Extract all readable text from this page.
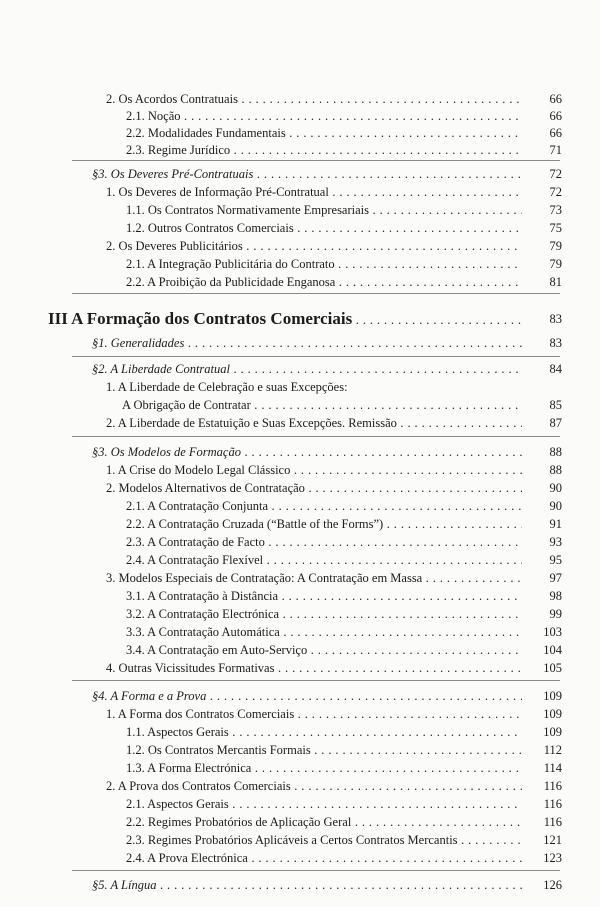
2. Os Acordos Contratuais . . .	66
2.1. Noção . . .	66
2.2. Modalidades Fundamentais . . .	66
2.3. Regime Jurídico . . .	71
§3. Os Deveres Pré-Contratuais . . .	72
1. Os Deveres de Informação Pré-Contratual . . .	72
1.1. Os Contratos Normativamente Empresariais . . .	73
1.2. Outros Contratos Comerciais . . .	75
2. Os Deveres Publicitários . . .	79
2.1. A Integração Publicitária do Contrato . . .	79
2.2. A Proibição da Publicidade Enganosa . . .	81
III A Formação dos Contratos Comerciais . . .	83
§1. Generalidades . . .	83
§2. A Liberdade Contratual . . .	84
1. A Liberdade de Celebração e suas Excepções:
A Obrigação de Contratar . . .	85
2. A Liberdade de Estatuição e Suas Excepções. Remissão . . .	87
§3. Os Modelos de Formação . . .	88
1. A Crise do Modelo Legal Clássico . . .	88
2. Modelos Alternativos de Contratação . . .	90
2.1. A Contratação Conjunta . . .	90
2.2. A Contratação Cruzada (“Battle of the Forms”) . . .	91
2.3. A Contratação de Facto . . .	93
2.4. A Contratação Flexível . . .	95
3. Modelos Especiais de Contratação: A Contratação em Massa . . .	97
3.1. A Contratação à Distância . . .	98
3.2. A Contratação Electrónica . . .	99
3.3. A Contratação Automática . . .	103
3.4. A Contratação em Auto-Serviço . . .	104
4. Outras Vicissitudes Formativas . . .	105
§4. A Forma e a Prova . . .	109
1. A Forma dos Contratos Comerciais . . .	109
1.1. Aspectos Gerais . . .	109
1.2. Os Contratos Mercantis Formais . . .	112
1.3. A Forma Electrónica . . .	114
2. A Prova dos Contratos Comerciais . . .	116
2.1. Aspectos Gerais . . .	116
2.2. Regimes Probatórios de Aplicação Geral . . .	116
2.3. Regimes Probatórios Aplicáveis a Certos Contratos Mercantis . . .	121
2.4. A Prova Electrónica . . .	123
§5. A Língua . . .	126
